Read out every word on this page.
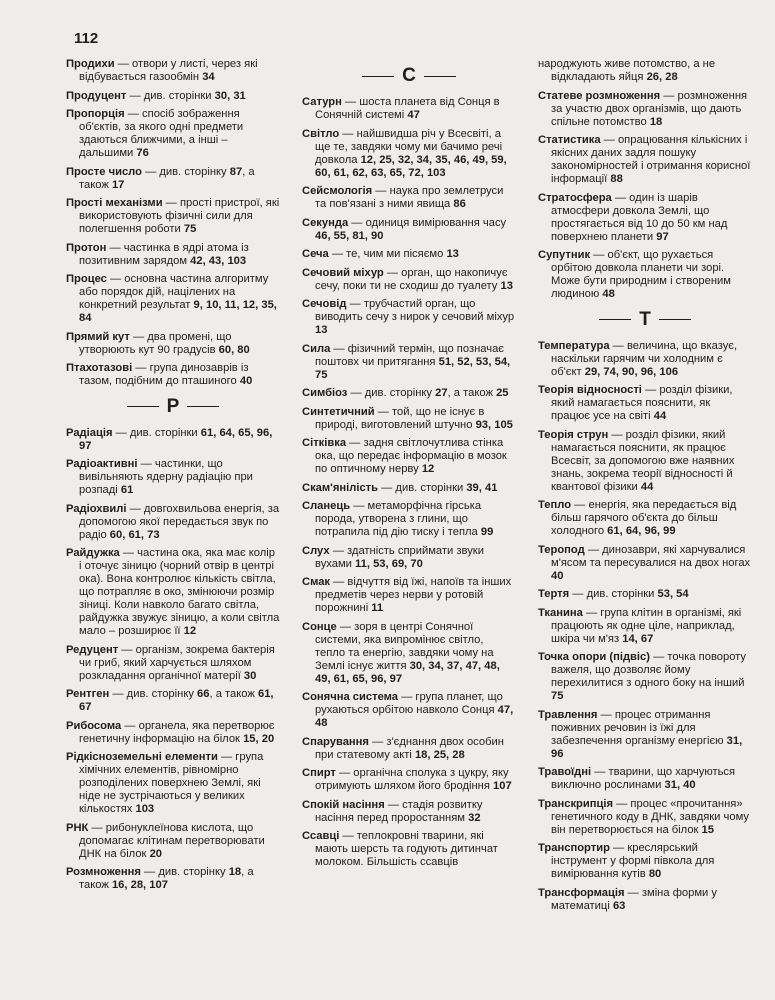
112
Продихи — отвори у листі, через які відбувається газообмін 34
Продуцент — див. сторінки 30, 31
Пропорція — спосіб зображення об'єктів, за якого одні предмети здаються ближчими, а інші – дальшими 76
Просте число — див. сторінку 87, а також 17
Прості механізми — прості пристрої, які використовують фізичні сили для полегшення роботи 75
Протон — частинка в ядрі атома із позитивним зарядом 42, 43, 103
Процес — основна частина алгоритму або порядок дій, націлених на конкретний результат 9, 10, 11, 12, 35, 84
Прямий кут — два промені, що утворюють кут 90 градусів 60, 80
Птахотазові — група динозаврів із тазом, подібним до пташиного 40
Р
Радіація — див. сторінки 61, 64, 65, 96, 97
Радіоактивні — частинки, що вивільняють ядерну радіацію при розпаді 61
Радіохвилі — довгохвильова енергія, за допомогою якої передається звук по радіо 60, 61, 73
Райдужка — частина ока, яка має колір і оточує зіницю (чорний отвір в центрі ока). Вона контролює кількість світла, що потрапляє в око, змінюючи розмір зіниці. Коли навколо багато світла, райдужка звужує зіницю, а коли світла мало – розширює її 12
Редуцент — організм, зокрема бактерія чи гриб, який харчується шляхом розкладання органічної матерії 30
Рентген — див. сторінку 66, а також 61, 67
Рибосома — органела, яка перетворює генетичну інформацію на білок 15, 20
Рідкісноземельні елементи — група хімічних елементів, рівномірно розподілених поверхнею Землі, які ніде не зустрічаються у великих кількостях 103
РНК — рибонуклеїнова кислота, що допомагає клітинам перетворювати ДНК на білок 20
Розмноження — див. сторінку 18, а також 16, 28, 107
С
Сатурн — шоста планета від Сонця в Сонячній системі 47
Світло — найшвидша річ у Всесвіті, а ще те, завдяки чому ми бачимо речі довкола 12, 25, 32, 34, 35, 46, 49, 59, 60, 61, 62, 63, 65, 72, 103
Сейсмологія — наука про землетруси та пов'язані з ними явища 86
Секунда — одиниця вимірювання часу 46, 55, 81, 90
Сеча — те, чим ми пісяємо 13
Сечовий міхур — орган, що накопичує сечу, поки ти не сходиш до туалету 13
Сечовід — трубчастий орган, що виводить сечу з нирок у сечовий міхур 13
Сила — фізичний термін, що позначає поштовх чи притягання 51, 52, 53, 54, 75
Симбіоз — див. сторінку 27, а також 25
Синтетичний — той, що не існує в природі, виготовлений штучно 93, 105
Сітківка — задня світлочутлива стінка ока, що передає інформацію в мозок по оптичному нерву 12
Скам'янілість — див. сторінки 39, 41
Сланець — метаморфічна гірська порода, утворена з глини, що потрапила під дію тиску і тепла 99
Слух — здатність сприймати звуки вухами 11, 53, 69, 70
Смак — відчуття від їжі, напоїв та інших предметів через нерви у ротовій порожнині 11
Сонце — зоря в центрі Сонячної системи, яка випромінює світло, тепло та енергію, завдяки чому на Землі існує життя 30, 34, 37, 47, 48, 49, 61, 65, 96, 97
Сонячна система — група планет, що рухаються орбітою навколо Сонця 47, 48
Спарування — з'єднання двох особин при статевому акті 18, 25, 28
Спирт — органічна сполука з цукру, яку отримують шляхом його бродіння 107
Спокій насіння — стадія розвитку насіння перед проростанням 32
Ссавці — теплокровні тварини, які мають шерсть та годують дитинчат молоком. Більшість ссавців
народжують живе потомство, а не відкладають яйця 26, 28
Статеве розмноження — розмноження за участю двох організмів, що дають спільне потомство 18
Статистика — опрацювання кількісних і якісних даних задля пошуку закономірностей і отримання корисної інформації 88
Стратосфера — один із шарів атмосфери довкола Землі, що простягається від 10 до 50 км над поверхнею планети 97
Супутник — об'єкт, що рухається орбітою довкола планети чи зорі. Може бути природним і створеним людиною 48
Т
Температура — величина, що вказує, наскільки гарячим чи холодним є об'єкт 29, 74, 90, 96, 106
Теорія відносності — розділ фізики, який намагається пояснити, як працює усе на світі 44
Теорія струн — розділ фізики, який намагається пояснити, як працює Всесвіт, за допомогою вже наявних знань, зокрема теорії відносності й квантової фізики 44
Тепло — енергія, яка передається від більш гарячого об'єкта до більш холодного 61, 64, 96, 99
Теропод — динозаври, які харчувалися м'ясом та пересувалися на двох ногах 40
Тертя — див. сторінки 53, 54
Тканина — група клітин в організмі, які працюють як одне ціле, наприклад, шкіра чи м'яз 14, 67
Точка опори (підвіс) — точка повороту важеля, що дозволяє йому перехилитися з одного боку на інший 75
Травлення — процес отримання поживних речовин із їжі для забезпечення організму енергією 31, 96
Травоїдні — тварини, що харчуються виключно рослинами 31, 40
Транскрипція — процес «прочитання» генетичного коду в ДНК, завдяки чому він перетворюється на білок 15
Транспортир — креслярський інструмент у формі півкола для вимірювання кутів 80
Трансформація — зміна форми у математиці 63
